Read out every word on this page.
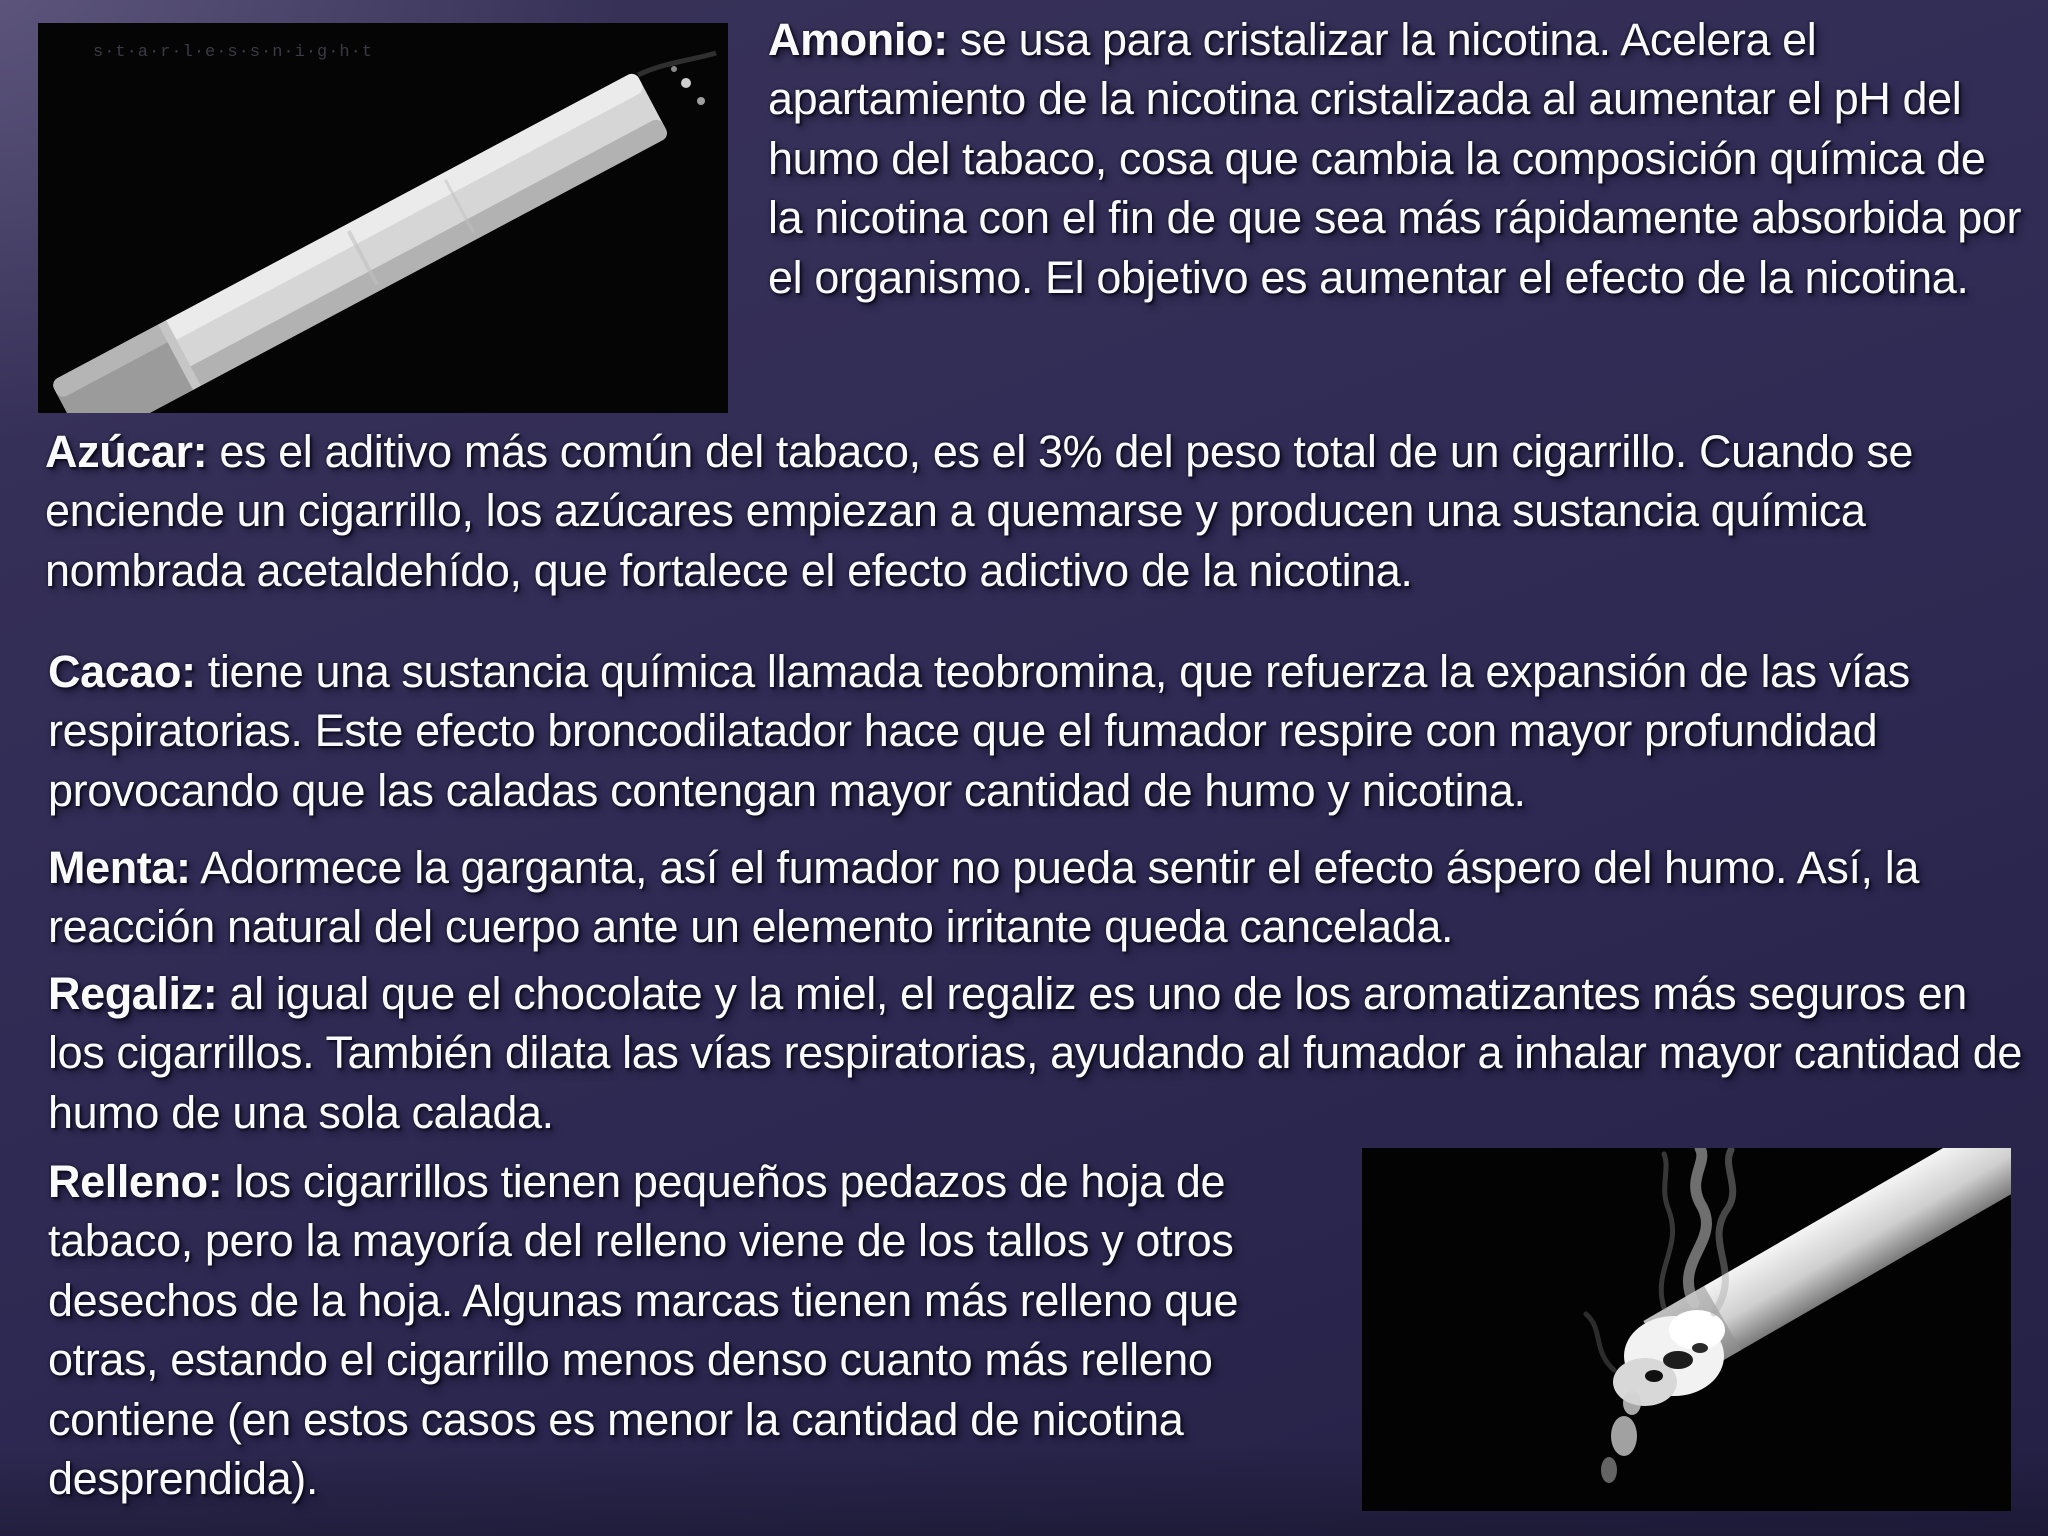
s·t·a·r·l·e·s·s·n·i·g·h·t	Amonio: se usa para cristalizar la nicotina. Acelera el apartamiento de la nicotina cristalizada al aumentar el pH del humo del tabaco, cosa que cambia la composición química de la nicotina con el fin de que sea más rápidamente absorbida por el organismo. El objetivo es aumentar el efecto de la nicotina.

Azúcar: es el aditivo más común del tabaco, es el 3% del peso total de un cigarrillo. Cuando se enciende un cigarrillo, los azúcares empiezan a quemarse y producen una sustancia química nombrada acetaldehído, que fortalece el efecto adictivo de la nicotina.

Cacao: tiene una sustancia química llamada teobromina, que refuerza la expansión de las vías respiratorias. Este efecto broncodilatador hace que el fumador respire con mayor profundidad provocando que las caladas contengan mayor cantidad de humo y nicotina.

Menta: Adormece la garganta, así el fumador no pueda sentir el efecto áspero del humo. Así, la reacción natural del cuerpo ante un elemento irritante queda cancelada.

Regaliz: al igual que el chocolate y la miel, el regaliz es uno de los aromatizantes más seguros en los cigarrillos. También dilata las vías respiratorias, ayudando al fumador a inhalar mayor cantidad de humo de una sola calada.

Relleno: los cigarrillos tienen pequeños pedazos de hoja de tabaco, pero la mayoría del relleno viene de los tallos y otros desechos de la hoja. Algunas marcas tienen más relleno que otras, estando el cigarrillo menos denso cuanto más relleno contiene (en estos casos es menor la cantidad de nicotina desprendida).
